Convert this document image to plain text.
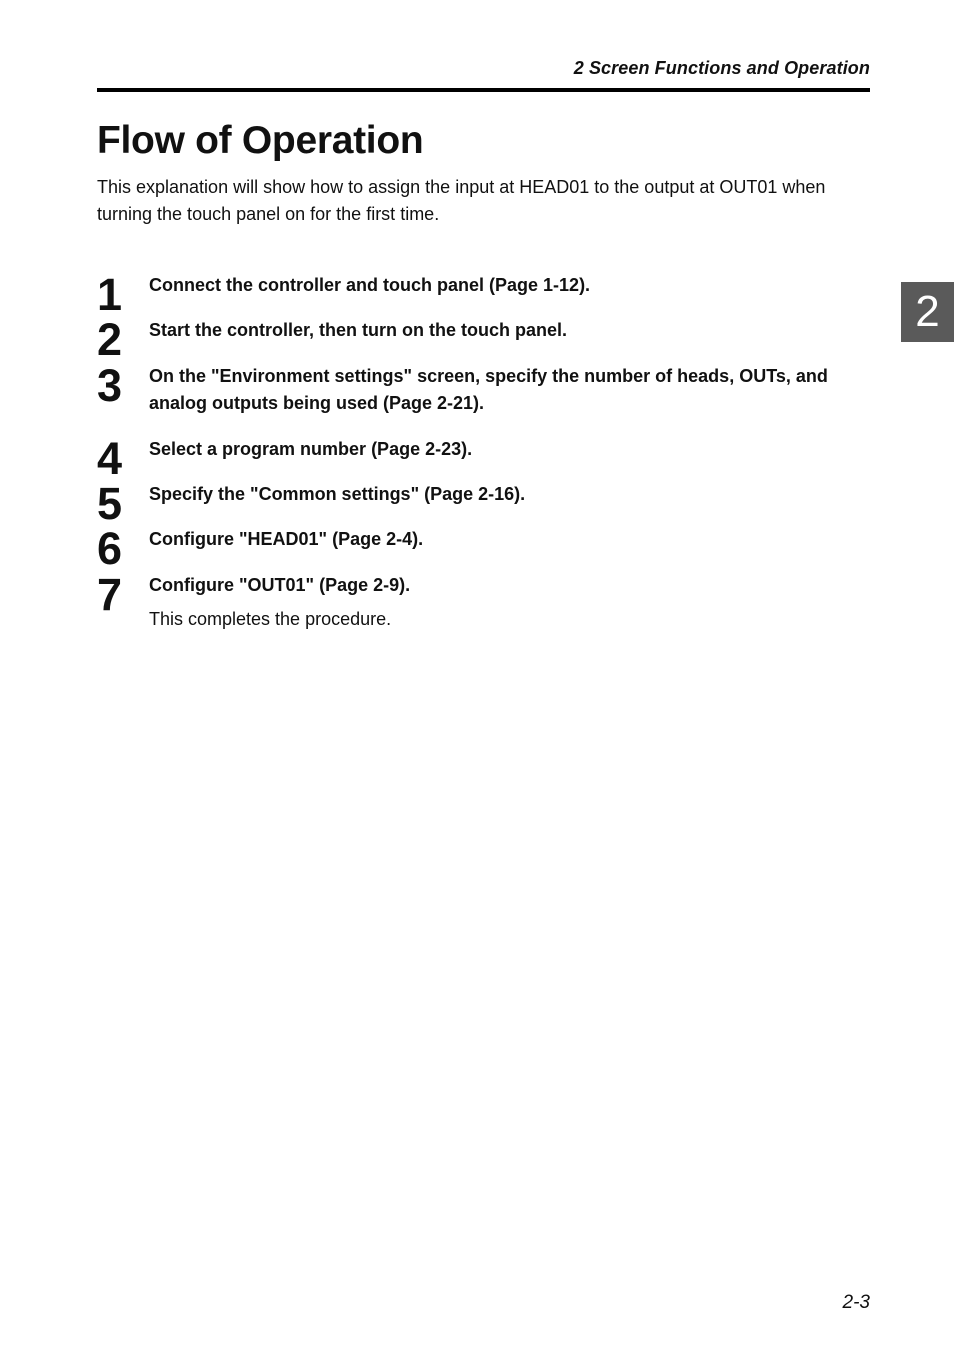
2 Screen Functions and Operation
Flow of Operation

This explanation will show how to assign the input at HEAD01 to the output at OUT01 when turning the touch panel on for the first time.

2
1	Connect the controller and touch panel (Page 1-12).
2	Start the controller, then turn on the touch panel.
3	On the "Environment settings" screen, specify the number of heads, OUTs, and analog outputs being used (Page 2-21).
4	Select a program number (Page 2-23).
5	Specify the "Common settings" (Page 2-16).
6	Configure "HEAD01" (Page 2-4).
7	Configure "OUT01" (Page 2-9).
This completes the procedure.
2-3
